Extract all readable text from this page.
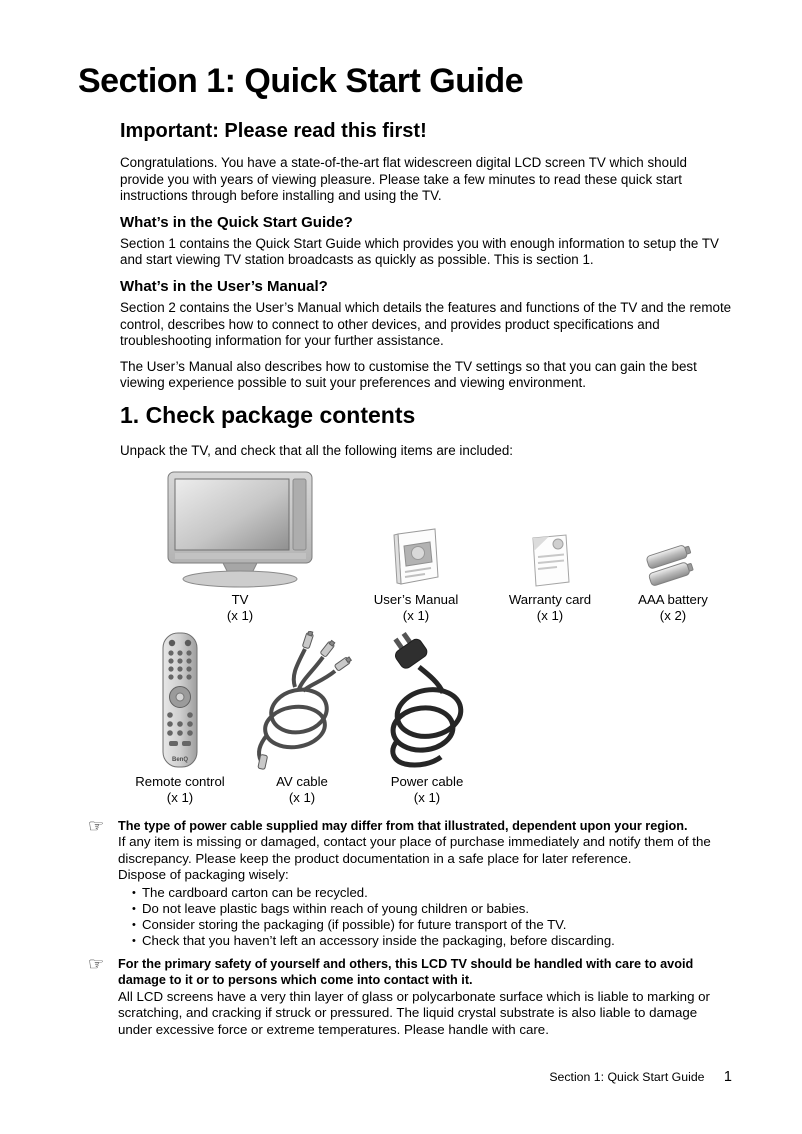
Section 1: Quick Start Guide
Important: Please read this first!

Congratulations. You have a state-of-the-art flat widescreen digital LCD screen TV which should provide you with years of viewing pleasure. Please take a few minutes to read these quick start instructions through before installing and using the TV.

What’s in the Quick Start Guide?

Section 1 contains the Quick Start Guide which provides you with enough information to setup the TV and start viewing TV station broadcasts as quickly as possible. This is section 1.

What’s in the User’s Manual?

Section 2 contains the User’s Manual which details the features and functions of the TV and the remote control, describes how to connect to other devices, and provides product specifications and troubleshooting information for your further assistance.

The User’s Manual also describes how to customise the TV settings so that you can gain the best viewing experience possible to suit your preferences and viewing environment.

1. Check package contents

Unpack the TV, and check that all the following items are included:

TV
(x 1)
User’s Manual
(x 1)
Warranty card
(x 1)
AAA battery
(x 2)
BenQ
Remote control
(x 1)
AV cable
(x 1)
Power cable
(x 1)
☞	The type of power cable supplied may differ from that illustrated, dependent upon your region.
If any item is missing or damaged, contact your place of purchase immediately and notify them of the discrepancy. Please keep the product documentation in a safe place for later reference.
Dispose of packaging wisely:
• The cardboard carton can be recycled.
• Do not leave plastic bags within reach of young children or babies.
• Consider storing the packaging (if possible) for future transport of the TV.
• Check that you haven’t left an accessory inside the packaging, before discarding.
☞	For the primary safety of yourself and others, this LCD TV should be handled with care to avoid damage to it or to persons which come into contact with it.
All LCD screens have a very thin layer of glass or polycarbonate surface which is liable to marking or scratching, and cracking if struck or pressured. The liquid crystal substrate is also liable to damage under excessive force or extreme temperatures. Please handle with care.
Section 1: Quick Start Guide 1
